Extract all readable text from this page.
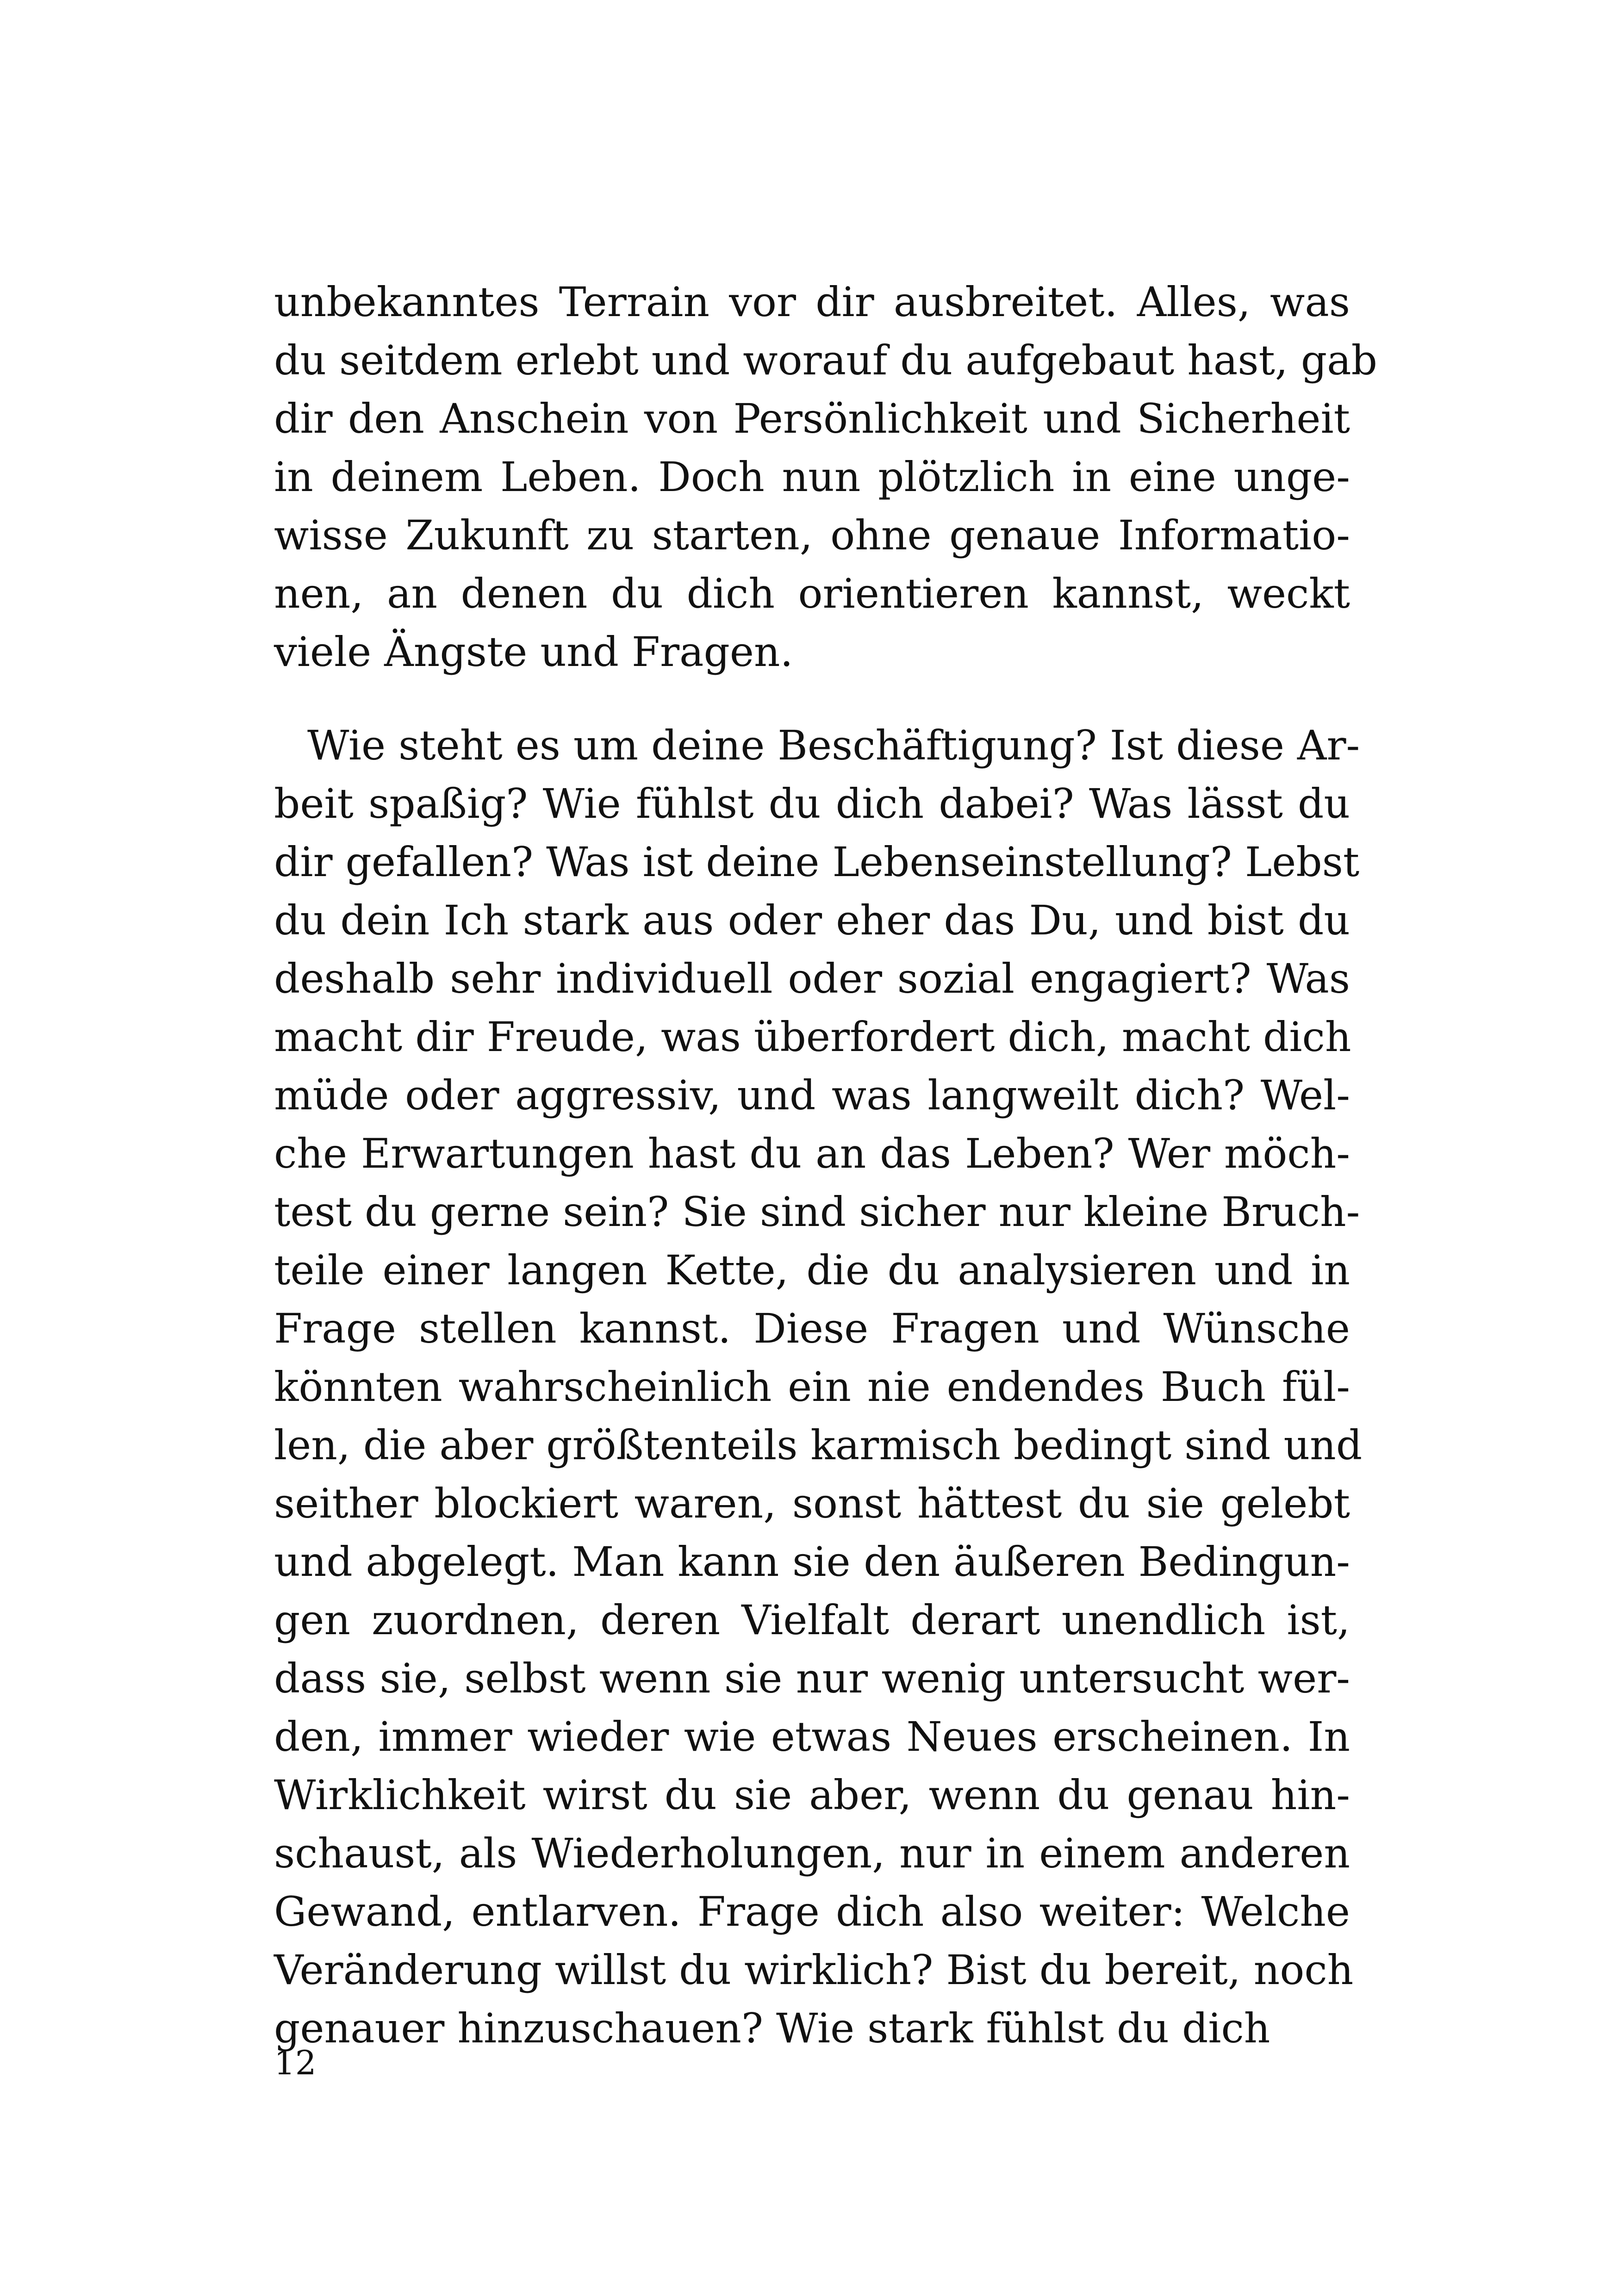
unbekanntes Terrain vor dir ausbreitet. Alles, was
du seitdem erlebt und worauf du aufgebaut hast, gab
dir den Anschein von Persönlichkeit und Sicherheit
in deinem Leben. Doch nun plötzlich in eine unge-
wisse Zukunft zu starten, ohne genaue Informatio-
nen, an denen du dich orientieren kannst, weckt
viele Ängste und Fragen.
Wie steht es um deine Beschäftigung? Ist diese Ar-
beit spaßig? Wie fühlst du dich dabei? Was lässt du
dir gefallen? Was ist deine Lebenseinstellung? Lebst
du dein Ich stark aus oder eher das Du, und bist du
deshalb sehr individuell oder sozial engagiert? Was
macht dir Freude, was überfordert dich, macht dich
müde oder aggressiv, und was langweilt dich? Wel-
che Erwartungen hast du an das Leben? Wer möch-
test du gerne sein? Sie sind sicher nur kleine Bruch-
teile einer langen Kette, die du analysieren und in
Frage stellen kannst. Diese Fragen und Wünsche
könnten wahrscheinlich ein nie endendes Buch fül-
len, die aber größtenteils karmisch bedingt sind und
seither blockiert waren, sonst hättest du sie gelebt
und abgelegt. Man kann sie den äußeren Bedingun-
gen zuordnen, deren Vielfalt derart unendlich ist,
dass sie, selbst wenn sie nur wenig untersucht wer-
den, immer wieder wie etwas Neues erscheinen. In
Wirklichkeit wirst du sie aber, wenn du genau hin-
schaust, als Wiederholungen, nur in einem anderen
Gewand, entlarven. Frage dich also weiter: Welche
Veränderung willst du wirklich? Bist du bereit, noch
genauer hinzuschauen? Wie stark fühlst du dich
12
